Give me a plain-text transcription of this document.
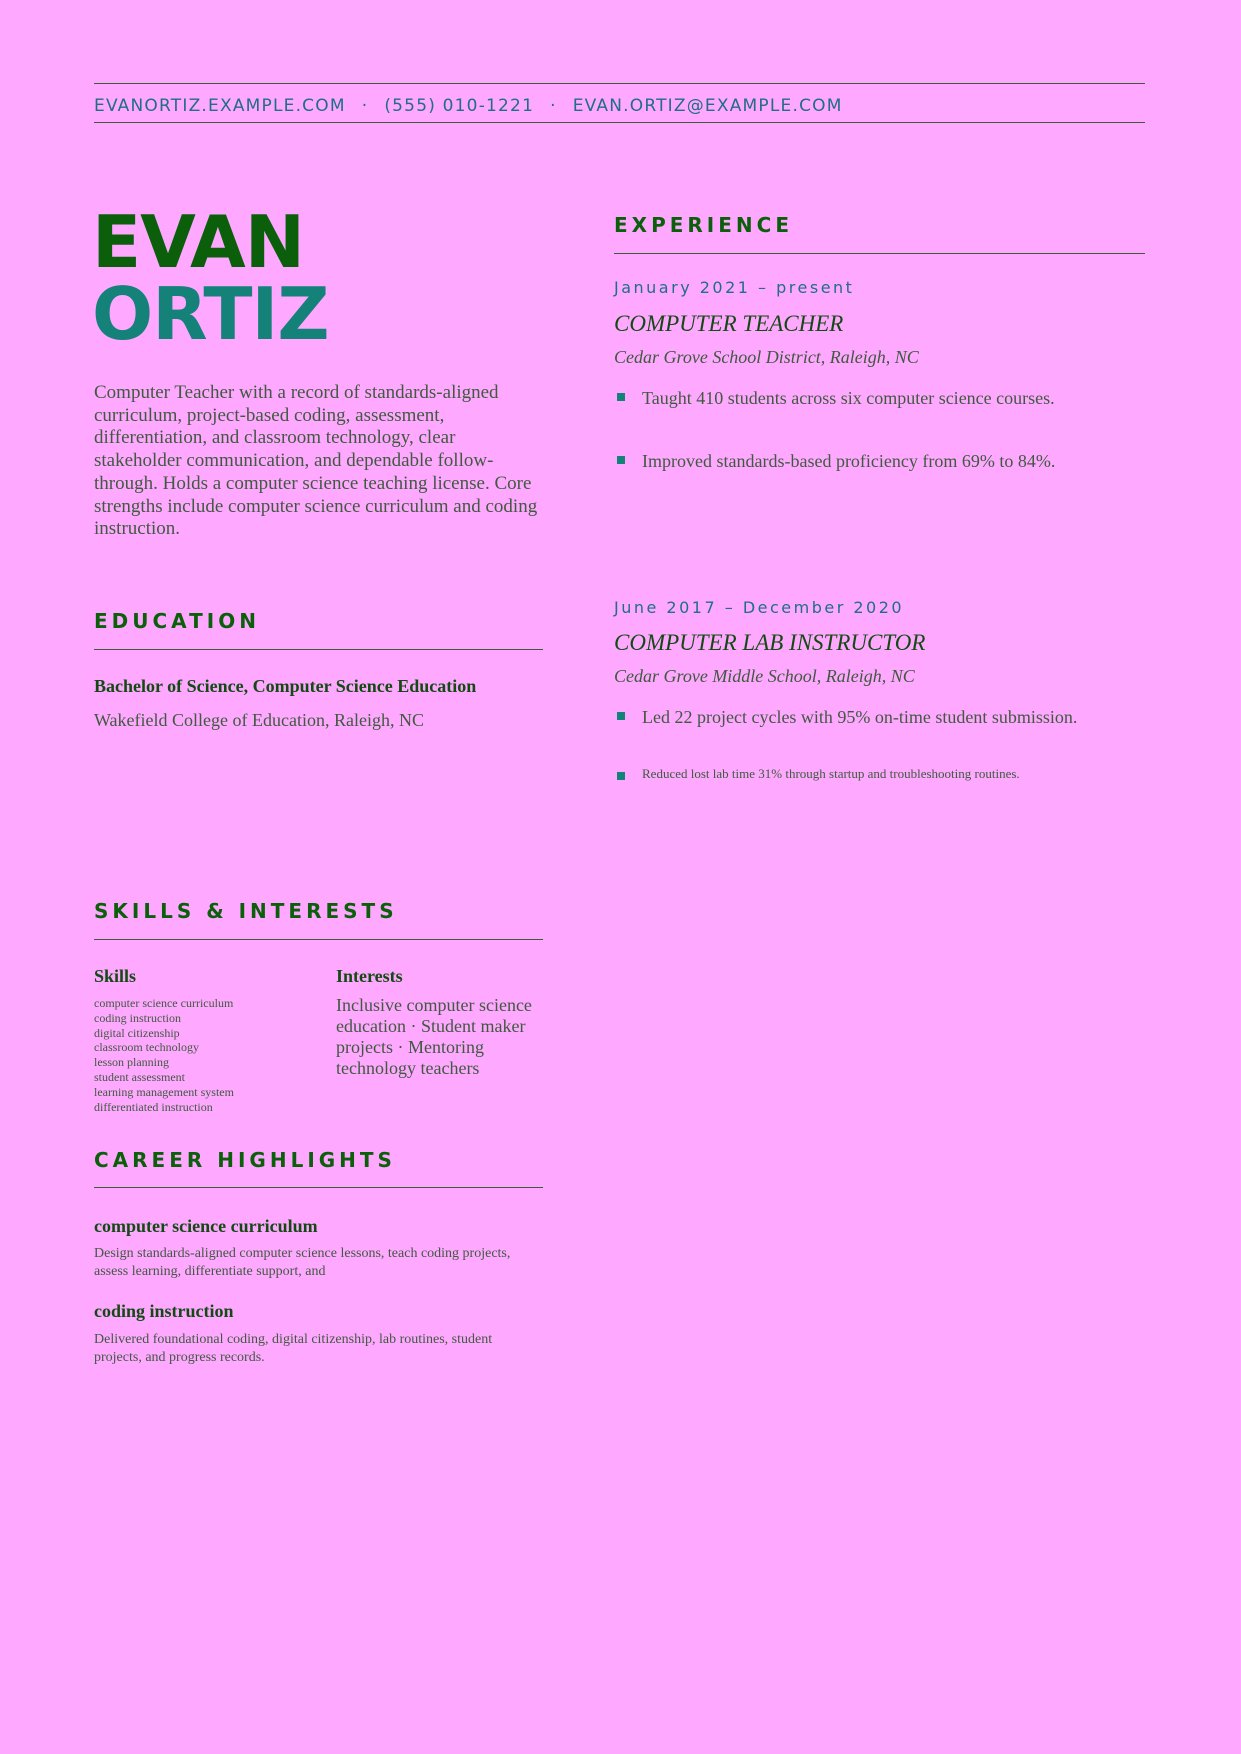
EVANORTIZ.EXAMPLE.COM · (555) 010-1221 · EVAN.ORTIZ@EXAMPLE.COM
EVAN
ORTIZ
Computer Teacher with a record of standards-aligned curriculum, project-based coding, assessment, differentiation, and classroom technology, clear stakeholder communication, and dependable follow-through. Holds a computer science teaching license. Core strengths include computer science curriculum and coding instruction.
EXPERIENCE
January 2021 – present
COMPUTER TEACHER
Cedar Grove School District, Raleigh, NC
Taught 410 students across six computer science courses.
Improved standards-based proficiency from 69% to 84%.
June 2017 – December 2020
COMPUTER LAB INSTRUCTOR
Cedar Grove Middle School, Raleigh, NC
Led 22 project cycles with 95% on-time student submission.
Reduced lost lab time 31% through startup and troubleshooting routines.
EDUCATION
Bachelor of Science, Computer Science Education
Wakefield College of Education, Raleigh, NC
SKILLS & INTERESTS
Skills
computer science curriculum
coding instruction
digital citizenship
classroom technology
lesson planning
student assessment
learning management system
differentiated instruction
Interests
Inclusive computer science education · Student maker projects · Mentoring technology teachers
CAREER HIGHLIGHTS
computer science curriculum
Design standards-aligned computer science lessons, teach coding projects, assess learning, differentiate support, and
coding instruction
Delivered foundational coding, digital citizenship, lab routines, student projects, and progress records.
